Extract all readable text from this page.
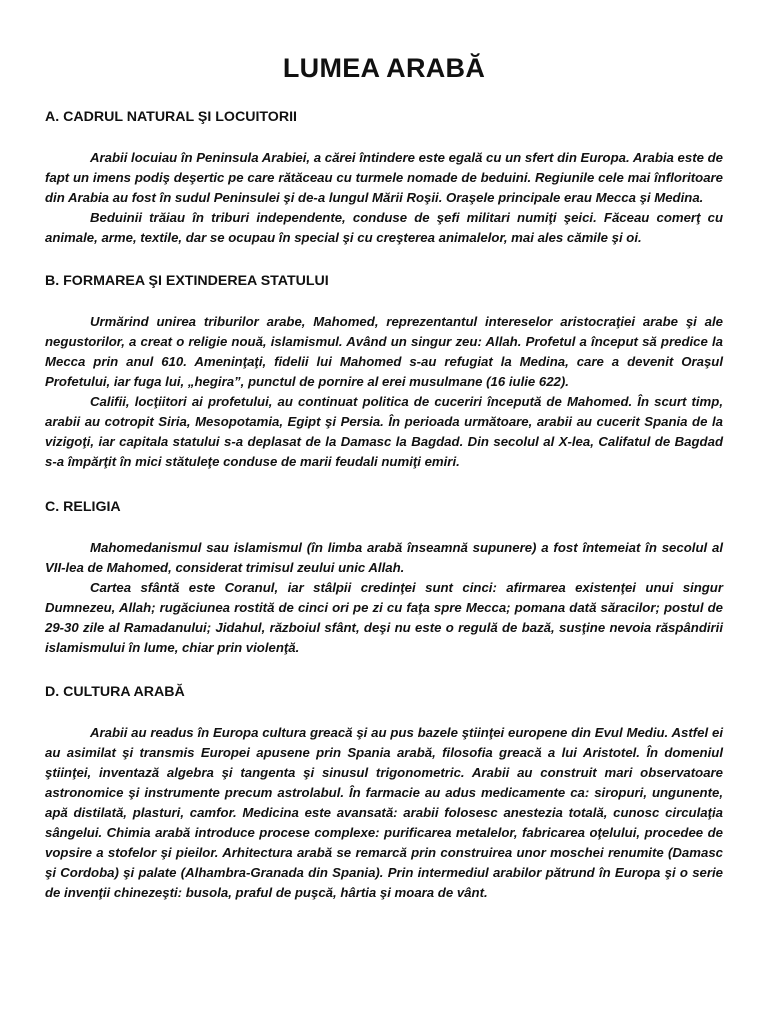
LUMEA ARABĂ
A. CADRUL NATURAL ŞI LOCUITORII

Arabii locuiau în Peninsula Arabiei, a cărei întindere este egală cu un sfert din Europa. Arabia este de fapt un imens podiş deşertic pe care rătăceau cu turmele nomade de beduini. Regiunile cele mai înfloritoare din Arabia au fost în sudul Peninsulei şi de-a lungul Mării Roşii. Oraşele principale erau Mecca şi Medina.

Beduinii trăiau în triburi independente, conduse de şefi militari numiţi şeici. Făceau comerţ cu animale, arme, textile, dar se ocupau în special şi cu creşterea animalelor, mai ales cămile şi oi.

B. FORMAREA ŞI EXTINDEREA STATULUI

Urmărind unirea triburilor arabe, Mahomed, reprezentantul intereselor aristocraţiei arabe şi ale negustorilor, a creat o religie nouă, islamismul. Având un singur zeu: Allah. Profetul a început să predice la Mecca prin anul 610. Ameninţaţi, fidelii lui Mahomed s-au refugiat la Medina, care a devenit Oraşul Profetului, iar fuga lui, „hegira”, punctul de pornire al erei musulmane (16 iulie 622).

Califii, locţiitori ai profetului, au continuat politica de cuceriri începută de Mahomed. În scurt timp, arabii au cotropit Siria, Mesopotamia, Egipt şi Persia. În perioada următoare, arabii au cucerit Spania de la vizigoţi, iar capitala statului s-a deplasat de la Damasc la Bagdad. Din secolul al X-lea, Califatul de Bagdad s-a împărţit în mici stătuleţe conduse de marii feudali numiţi emiri.

C. RELIGIA

Mahomedanismul sau islamismul (în limba arabă înseamnă supunere) a fost întemeiat în secolul al VII-lea de Mahomed, considerat trimisul zeului unic Allah.

Cartea sfântă este Coranul, iar stâlpii credinţei sunt cinci: afirmarea existenţei unui singur Dumnezeu, Allah; rugăciunea rostită de cinci ori pe zi cu faţa spre Mecca; pomana dată săracilor; postul de 29-30 zile al Ramadanului; Jidahul, războiul sfânt, deşi nu este o regulă de bază, susţine nevoia răspândirii islamismului în lume, chiar prin violenţă.

D. CULTURA ARABĂ

Arabii au readus în Europa cultura greacă şi au pus bazele ştiinţei europene din Evul Mediu. Astfel ei au asimilat şi transmis Europei apusene prin Spania arabă, filosofia greacă a lui Aristotel. În domeniul ştiinţei, inventază algebra şi tangenta şi sinusul trigonometric. Arabii au construit mari observatoare astronomice şi instrumente precum astrolabul. În farmacie au adus medicamente ca: siropuri, ungunente, apă distilată, plasturi, camfor. Medicina este avansată: arabii folosesc anestezia totală, cunosc circulaţia sângelui. Chimia arabă introduce procese complexe: purificarea metalelor, fabricarea oţelului, procedee de vopsire a stofelor şi pieilor. Arhitectura arabă se remarcă prin construirea unor moschei renumite (Damasc şi Cordoba) şi palate (Alhambra-Granada din Spania). Prin intermediul arabilor pătrund în Europa şi o serie de invenţii chinezeşti: busola, praful de puşcă, hârtia şi moara de vânt.
